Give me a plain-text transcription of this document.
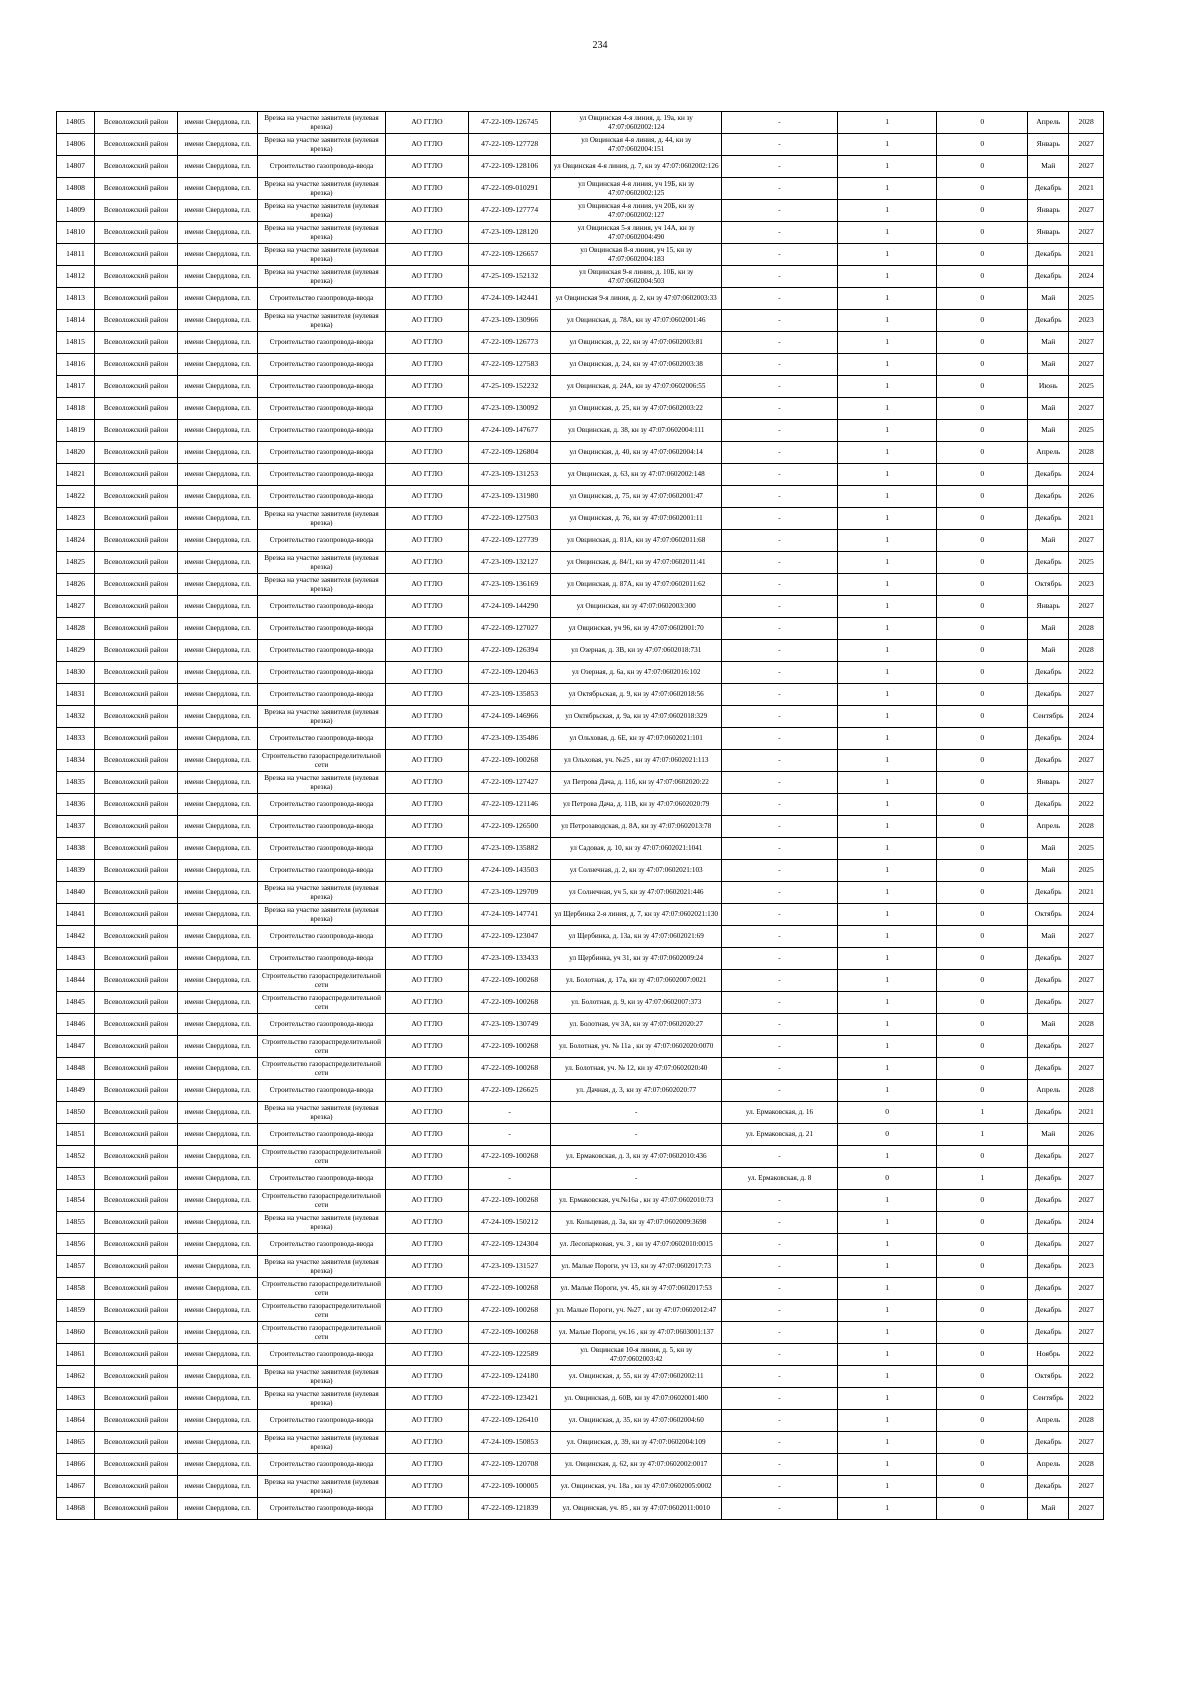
234
14805	Всеволожский район	имени Свердлова, г.п.	Врезка на участке заявителя (нулевая врезка)	АО ГГЛО	47-22-109-126745	ул Овцинская 4-я линия, д. 19а, кн зу 47:07:0602002:124	-	1	0	Апрель	2028
14806	Всеволожский район	имени Свердлова, г.п.	Врезка на участке заявителя (нулевая врезка)	АО ГГЛО	47-22-109-127728	ул Овцинская 4-я линия, д. 44, кн зу 47:07:0602004:151	-	1	0	Январь	2027
14807	Всеволожский район	имени Свердлова, г.п.	Строительство газопровода-ввода	АО ГГЛО	47-22-109-128106	ул Овцинская 4-я линия, д. 7, кн зу 47:07:0602002:126	-	1	0	Май	2027
14808	Всеволожский район	имени Свердлова, г.п.	Врезка на участке заявителя (нулевая врезка)	АО ГГЛО	47-22-109-010291	ул Овцинская 4-я линия, уч 19Б, кн зу 47:07:0602002:125	-	1	0	Декабрь	2021
14809	Всеволожский район	имени Свердлова, г.п.	Врезка на участке заявителя (нулевая врезка)	АО ГГЛО	47-22-109-127774	ул Овцинская 4-я линия, уч 20Б, кн зу 47:07:0602002:127	-	1	0	Январь	2027
14810	Всеволожский район	имени Свердлова, г.п.	Врезка на участке заявителя (нулевая врезка)	АО ГГЛО	47-23-109-128120	ул Овцинская 5-я линия, уч 14А, кн зу 47:07:0602004:490	-	1	0	Январь	2027
14811	Всеволожский район	имени Свердлова, г.п.	Врезка на участке заявителя (нулевая врезка)	АО ГГЛО	47-22-109-126657	ул Овцинская 8-я линия, уч 15, кн зу 47:07:0602004:183	-	1	0	Декабрь	2021
14812	Всеволожский район	имени Свердлова, г.п.	Врезка на участке заявителя (нулевая врезка)	АО ГГЛО	47-25-109-152132	ул Овцинская 9-я линия, д. 10Б, кн зу 47:07:0602004:503	-	1	0	Декабрь	2024
14813	Всеволожский район	имени Свердлова, г.п.	Строительство газопровода-ввода	АО ГГЛО	47-24-109-142441	ул Овцинская 9-я линия, д. 2, кн зу 47:07:0602003:33	-	1	0	Май	2025
14814	Всеволожский район	имени Свердлова, г.п.	Врезка на участке заявителя (нулевая врезка)	АО ГГЛО	47-23-109-130966	ул Овцинская, д. 78А, кн зу 47:07:0602001:46	-	1	0	Декабрь	2023
14815	Всеволожский район	имени Свердлова, г.п.	Строительство газопровода-ввода	АО ГГЛО	47-22-109-126773	ул Овцинская, д. 22, кн зу 47:07:0602003:81	-	1	0	Май	2027
14816	Всеволожский район	имени Свердлова, г.п.	Строительство газопровода-ввода	АО ГГЛО	47-22-109-127583	ул Овцинская, д. 24, кн зу 47:07:0602003:38	-	1	0	Май	2027
14817	Всеволожский район	имени Свердлова, г.п.	Строительство газопровода-ввода	АО ГГЛО	47-25-109-152232	ул Овцинская, д. 24А, кн зу 47:07:0602006:55	-	1	0	Июнь	2025
14818	Всеволожский район	имени Свердлова, г.п.	Строительство газопровода-ввода	АО ГГЛО	47-23-109-130092	ул Овцинская, д. 25, кн зу 47:07:0602003:22	-	1	0	Май	2027
14819	Всеволожский район	имени Свердлова, г.п.	Строительство газопровода-ввода	АО ГГЛО	47-24-109-147677	ул Овцинская, д. 38, кн зу 47:07:0602004:111	-	1	0	Май	2025
14820	Всеволожский район	имени Свердлова, г.п.	Строительство газопровода-ввода	АО ГГЛО	47-22-109-126804	ул Овцинская, д. 40, кн зу 47:07:0602004:14	-	1	0	Апрель	2028
14821	Всеволожский район	имени Свердлова, г.п.	Строительство газопровода-ввода	АО ГГЛО	47-23-109-131253	ул Овцинская, д. 63, кн зу 47:07:0602002:148	-	1	0	Декабрь	2024
14822	Всеволожский район	имени Свердлова, г.п.	Строительство газопровода-ввода	АО ГГЛО	47-23-109-131980	ул Овцинская, д. 75, кн зу 47:07:0602001:47	-	1	0	Декабрь	2026
14823	Всеволожский район	имени Свердлова, г.п.	Врезка на участке заявителя (нулевая врезка)	АО ГГЛО	47-22-109-127503	ул Овцинская, д. 76, кн зу 47:07:0602001:11	-	1	0	Декабрь	2021
14824	Всеволожский район	имени Свердлова, г.п.	Строительство газопровода-ввода	АО ГГЛО	47-22-109-127739	ул Овцинская, д. 81А, кн зу 47:07:0602011:68	-	1	0	Май	2027
14825	Всеволожский район	имени Свердлова, г.п.	Врезка на участке заявителя (нулевая врезка)	АО ГГЛО	47-23-109-132127	ул Овцинская, д. 84/1, кн зу 47:07:0602011:41	-	1	0	Декабрь	2025
14826	Всеволожский район	имени Свердлова, г.п.	Врезка на участке заявителя (нулевая врезка)	АО ГГЛО	47-23-109-136169	ул Овцинская, д. 87А, кн зу 47:07:0602011:62	-	1	0	Октябрь	2023
14827	Всеволожский район	имени Свердлова, г.п.	Строительство газопровода-ввода	АО ГГЛО	47-24-109-144290	ул Овцинская, кн зу 47:07:0602003:300	-	1	0	Январь	2027
14828	Всеволожский район	имени Свердлова, г.п.	Строительство газопровода-ввода	АО ГГЛО	47-22-109-127027	ул Овцинская, уч 96, кн зу 47:07:0602001:70	-	1	0	Май	2028
14829	Всеволожский район	имени Свердлова, г.п.	Строительство газопровода-ввода	АО ГГЛО	47-22-109-126394	ул Озерная, д. 3В, кн зу 47:07:0602018:731	-	1	0	Май	2028
14830	Всеволожский район	имени Свердлова, г.п.	Строительство газопровода-ввода	АО ГГЛО	47-22-109-120463	ул Озерная, д. 6а, кн зу 47:07:0602016:102	-	1	0	Декабрь	2022
14831	Всеволожский район	имени Свердлова, г.п.	Строительство газопровода-ввода	АО ГГЛО	47-23-109-135853	ул Октябрьская, д. 9, кн зу 47:07:0602018:56	-	1	0	Декабрь	2027
14832	Всеволожский район	имени Свердлова, г.п.	Врезка на участке заявителя (нулевая врезка)	АО ГГЛО	47-24-109-146966	ул Октябрьская, д. 9а, кн зу 47:07:0602018:329	-	1	0	Сентябрь	2024
14833	Всеволожский район	имени Свердлова, г.п.	Строительство газопровода-ввода	АО ГГЛО	47-23-109-135486	ул Ольховая, д. 6Е, кн зу 47:07:0602021:101	-	1	0	Декабрь	2024
14834	Всеволожский район	имени Свердлова, г.п.	Строительство газораспределительной сети	АО ГГЛО	47-22-109-100268	ул Ольховая, уч. №25 , кн зу 47:07:0602021:113	-	1	0	Декабрь	2027
14835	Всеволожский район	имени Свердлова, г.п.	Врезка на участке заявителя (нулевая врезка)	АО ГГЛО	47-22-109-127427	ул Петрова Дача, д. 11б, кн зу 47:07:0602020:22	-	1	0	Январь	2027
14836	Всеволожский район	имени Свердлова, г.п.	Строительство газопровода-ввода	АО ГГЛО	47-22-109-121146	ул Петрова Дача, д. 11В, кн зу 47:07:0602020:79	-	1	0	Декабрь	2022
14837	Всеволожский район	имени Свердлова, г.п.	Строительство газопровода-ввода	АО ГГЛО	47-22-109-126500	ул Петрозаводская, д. 8А, кн зу 47:07:0602013:78	-	1	0	Апрель	2028
14838	Всеволожский район	имени Свердлова, г.п.	Строительство газопровода-ввода	АО ГГЛО	47-23-109-135882	ул Садовая, д. 10, кн зу 47:07:0602021:1041	-	1	0	Май	2025
14839	Всеволожский район	имени Свердлова, г.п.	Строительство газопровода-ввода	АО ГГЛО	47-24-109-143503	ул Солнечная, д. 2, кн зу 47:07:0602021:103	-	1	0	Май	2025
14840	Всеволожский район	имени Свердлова, г.п.	Врезка на участке заявителя (нулевая врезка)	АО ГГЛО	47-23-109-129709	ул Солнечная, уч 5, кн зу 47:07:0602021:446	-	1	0	Декабрь	2021
14841	Всеволожский район	имени Свердлова, г.п.	Врезка на участке заявителя (нулевая врезка)	АО ГГЛО	47-24-109-147741	ул Щербинка 2-я линия, д. 7, кн зу 47:07:0602021:130	-	1	0	Октябрь	2024
14842	Всеволожский район	имени Свердлова, г.п.	Строительство газопровода-ввода	АО ГГЛО	47-22-109-123047	ул Щербинка, д. 13а, кн зу 47:07:0602021:69	-	1	0	Май	2027
14843	Всеволожский район	имени Свердлова, г.п.	Строительство газопровода-ввода	АО ГГЛО	47-23-109-133433	ул Щербинка, уч 31, кн зу 47:07:0602009:24	-	1	0	Декабрь	2027
14844	Всеволожский район	имени Свердлова, г.п.	Строительство газораспределительной сети	АО ГГЛО	47-22-109-100268	ул. Болотная, д. 17а, кн зу 47:07:0602007:0021	-	1	0	Декабрь	2027
14845	Всеволожский район	имени Свердлова, г.п.	Строительство газораспределительной сети	АО ГГЛО	47-22-109-100268	ул. Болотная, д. 9, кн зу 47:07:0602007:373	-	1	0	Декабрь	2027
14846	Всеволожский район	имени Свердлова, г.п.	Строительство газопровода-ввода	АО ГГЛО	47-23-109-130749	ул. Болотная, уч 3А, кн зу 47:07:0602020:27	-	1	0	Май	2028
14847	Всеволожский район	имени Свердлова, г.п.	Строительство газораспределительной сети	АО ГГЛО	47-22-109-100268	ул. Болотная, уч. № 11а , кн зу 47:07:0602020:0070	-	1	0	Декабрь	2027
14848	Всеволожский район	имени Свердлова, г.п.	Строительство газораспределительной сети	АО ГГЛО	47-22-109-100268	ул. Болотная, уч. № 12, кн зу 47:07:0602020:40	-	1	0	Декабрь	2027
14849	Всеволожский район	имени Свердлова, г.п.	Строительство газопровода-ввода	АО ГГЛО	47-22-109-126625	ул. Дачная, д. 3, кн зу 47:07:0602020:77	-	1	0	Апрель	2028
14850	Всеволожский район	имени Свердлова, г.п.	Врезка на участке заявителя (нулевая врезка)	АО ГГЛО	-	-	ул. Ермаковская, д. 16	0	1	Декабрь	2021
14851	Всеволожский район	имени Свердлова, г.п.	Строительство газопровода-ввода	АО ГГЛО	-	-	ул. Ермаковская, д. 21	0	1	Май	2026
14852	Всеволожский район	имени Свердлова, г.п.	Строительство газораспределительной сети	АО ГГЛО	47-22-109-100268	ул. Ермаковская, д. 3, кн зу 47:07:0602010:436	-	1	0	Декабрь	2027
14853	Всеволожский район	имени Свердлова, г.п.	Строительство газопровода-ввода	АО ГГЛО	-	-	ул. Ермаковская, д. 8	0	1	Декабрь	2027
14854	Всеволожский район	имени Свердлова, г.п.	Строительство газораспределительной сети	АО ГГЛО	47-22-109-100268	ул. Ермаковская, уч.№16а , кн зу 47:07:0602010:73	-	1	0	Декабрь	2027
14855	Всеволожский район	имени Свердлова, г.п.	Врезка на участке заявителя (нулевая врезка)	АО ГГЛО	47-24-109-150212	ул. Кольцевая, д. 3а, кн зу 47:07:0602009:3698	-	1	0	Декабрь	2024
14856	Всеволожский район	имени Свердлова, г.п.	Строительство газопровода-ввода	АО ГГЛО	47-22-109-124304	ул. Лесопарковая, уч. 3 , кн зу 47:07:0602010:0015	-	1	0	Декабрь	2027
14857	Всеволожский район	имени Свердлова, г.п.	Врезка на участке заявителя (нулевая врезка)	АО ГГЛО	47-23-109-131527	ул. Малые Пороги, уч 13, кн зу 47:07:0602017:73	-	1	0	Декабрь	2023
14858	Всеволожский район	имени Свердлова, г.п.	Строительство газораспределительной сети	АО ГГЛО	47-22-109-100268	ул. Малые Пороги, уч. 45, кн зу 47:07:0602017:53	-	1	0	Декабрь	2027
14859	Всеволожский район	имени Свердлова, г.п.	Строительство газораспределительной сети	АО ГГЛО	47-22-109-100268	ул. Малые Пороги, уч. №27 , кн зу 47:07:0602012:47	-	1	0	Декабрь	2027
14860	Всеволожский район	имени Свердлова, г.п.	Строительство газораспределительной сети	АО ГГЛО	47-22-109-100268	ул. Малые Пороги, уч.16 , кн зу 47:07:0603001:137	-	1	0	Декабрь	2027
14861	Всеволожский район	имени Свердлова, г.п.	Строительство газопровода-ввода	АО ГГЛО	47-22-109-122589	ул. Овцинская 10-я линия, д. 5, кн зу 47:07:0602003:42	-	1	0	Ноябрь	2022
14862	Всеволожский район	имени Свердлова, г.п.	Врезка на участке заявителя (нулевая врезка)	АО ГГЛО	47-22-109-124180	ул. Овцинская, д. 55, кн зу 47:07:0602002:11	-	1	0	Октябрь	2022
14863	Всеволожский район	имени Свердлова, г.п.	Врезка на участке заявителя (нулевая врезка)	АО ГГЛО	47-22-109-123421	ул. Овцинская, д. 60В, кн зу 47:07:0602001:400	-	1	0	Сентябрь	2022
14864	Всеволожский район	имени Свердлова, г.п.	Строительство газопровода-ввода	АО ГГЛО	47-22-109-126410	ул. Овцинская, д. 35, кн зу 47:07:0602004:60	-	1	0	Апрель	2028
14865	Всеволожский район	имени Свердлова, г.п.	Врезка на участке заявителя (нулевая врезка)	АО ГГЛО	47-24-109-150853	ул. Овцинская, д. 39, кн зу 47:07:0602004:109	-	1	0	Декабрь	2027
14866	Всеволожский район	имени Свердлова, г.п.	Строительство газопровода-ввода	АО ГГЛО	47-22-109-120708	ул. Овцинская, д. 62, кн зу 47:07:0602002:0017	-	1	0	Апрель	2028
14867	Всеволожский район	имени Свердлова, г.п.	Врезка на участке заявителя (нулевая врезка)	АО ГГЛО	47-22-109-100005	ул. Овцинская, уч. 18а , кн зу 47:07:0602005:0002	-	1	0	Декабрь	2027
14868	Всеволожский район	имени Свердлова, г.п.	Строительство газопровода-ввода	АО ГГЛО	47-22-109-121839	ул. Овцинская, уч. 85 , кн зу 47:07:0602011:0010	-	1	0	Май	2027
